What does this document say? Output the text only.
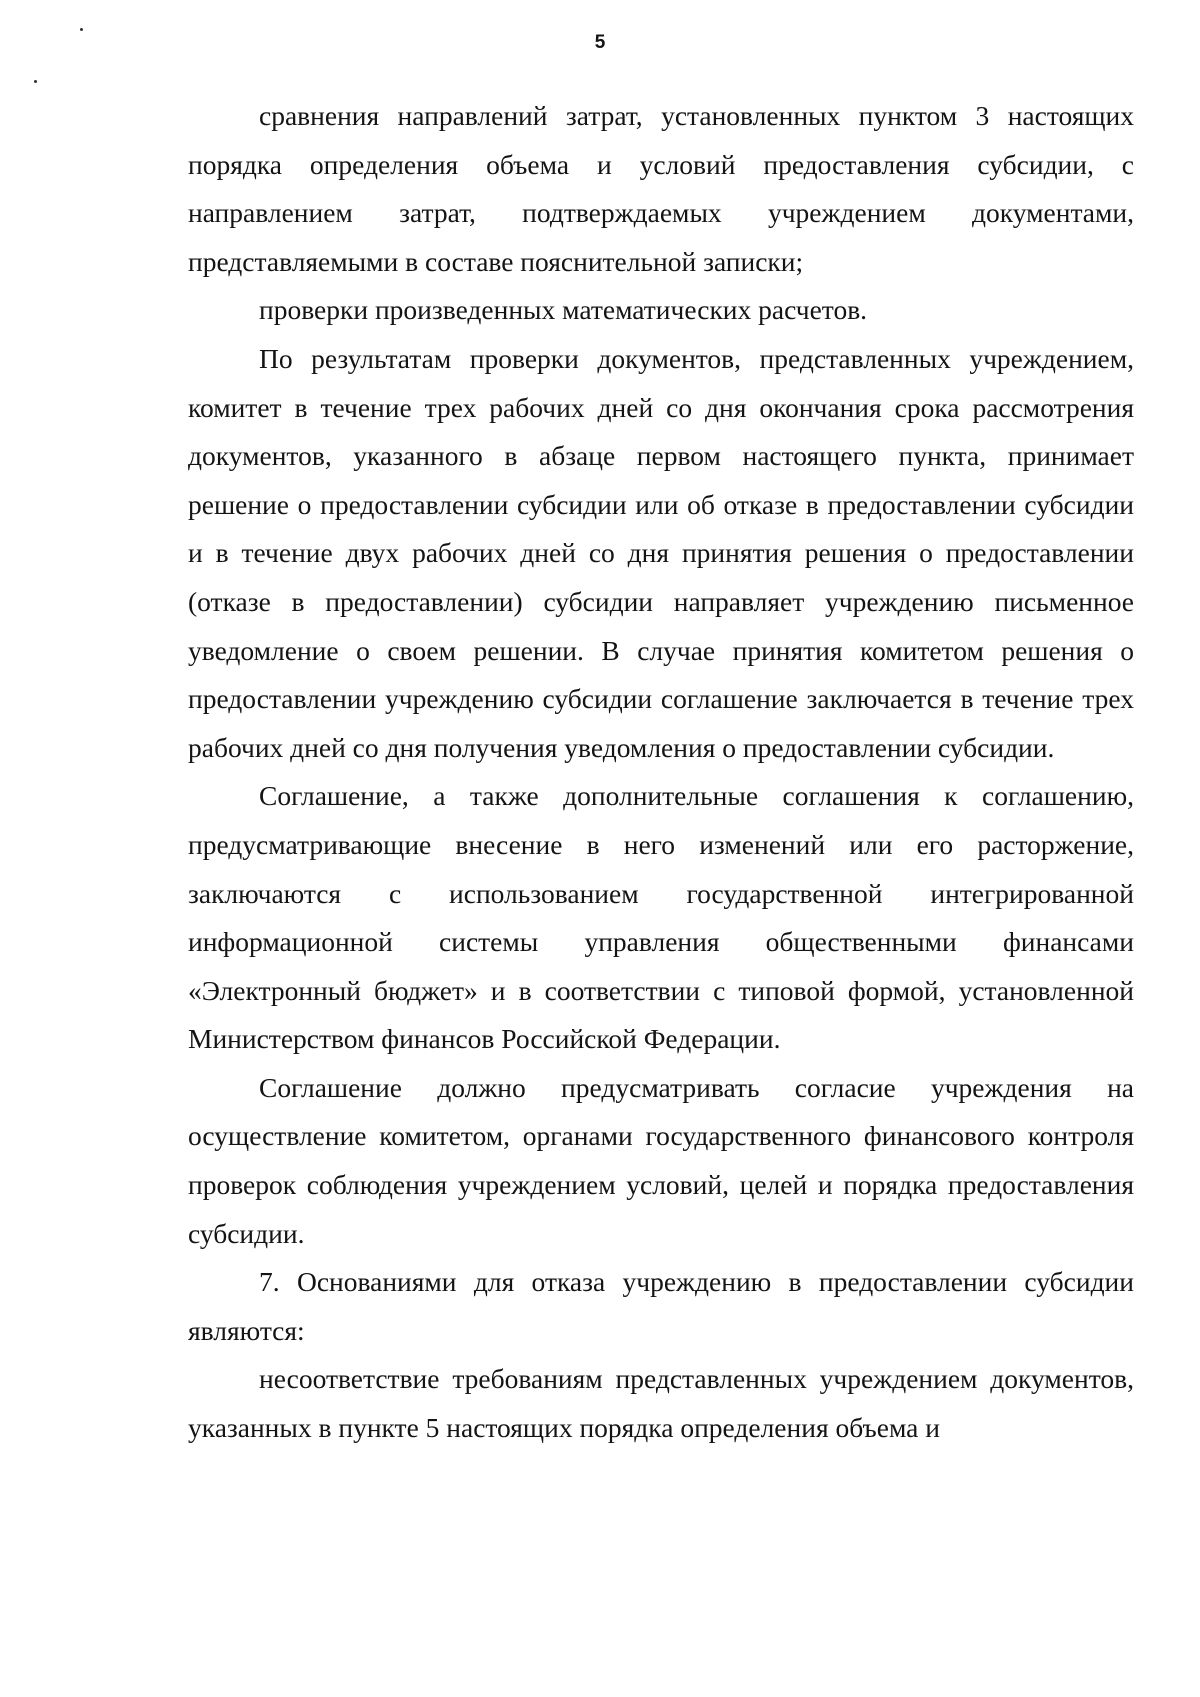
5

сравнения направлений затрат, установленных пунктом 3 настоящих порядка определения объема и условий предоставления субсидии, с направлением затрат, подтверждаемых учреждением документами, представляемыми в составе пояснительной записки;

проверки произведенных математических расчетов.

По результатам проверки документов, представленных учреждением, комитет в течение трех рабочих дней со дня окончания срока рассмотрения документов, указанного в абзаце первом настоящего пункта, принимает решение о предоставлении субсидии или об отказе в предоставлении субсидии и в течение двух рабочих дней со дня принятия решения о предоставлении (отказе в предоставлении) субсидии направляет учреждению письменное уведомление о своем решении. В случае принятия комитетом решения о предоставлении учреждению субсидии соглашение заключается в течение трех рабочих дней со дня получения уведомления о предоставлении субсидии.

Соглашение, а также дополнительные соглашения к соглашению, предусматривающие внесение в него изменений или его расторжение, заключаются с использованием государственной интегрированной информационной системы управления общественными финансами «Электронный бюджет» и в соответствии с типовой формой, установленной Министерством финансов Российской Федерации.

Соглашение должно предусматривать согласие учреждения на осуществление комитетом, органами государственного финансового контроля проверок соблюдения учреждением условий, целей и порядка предоставления субсидии.

7. Основаниями для отказа учреждению в предоставлении субсидии являются:

несоответствие требованиям представленных учреждением документов, указанных в пункте 5 настоящих порядка определения объема и
